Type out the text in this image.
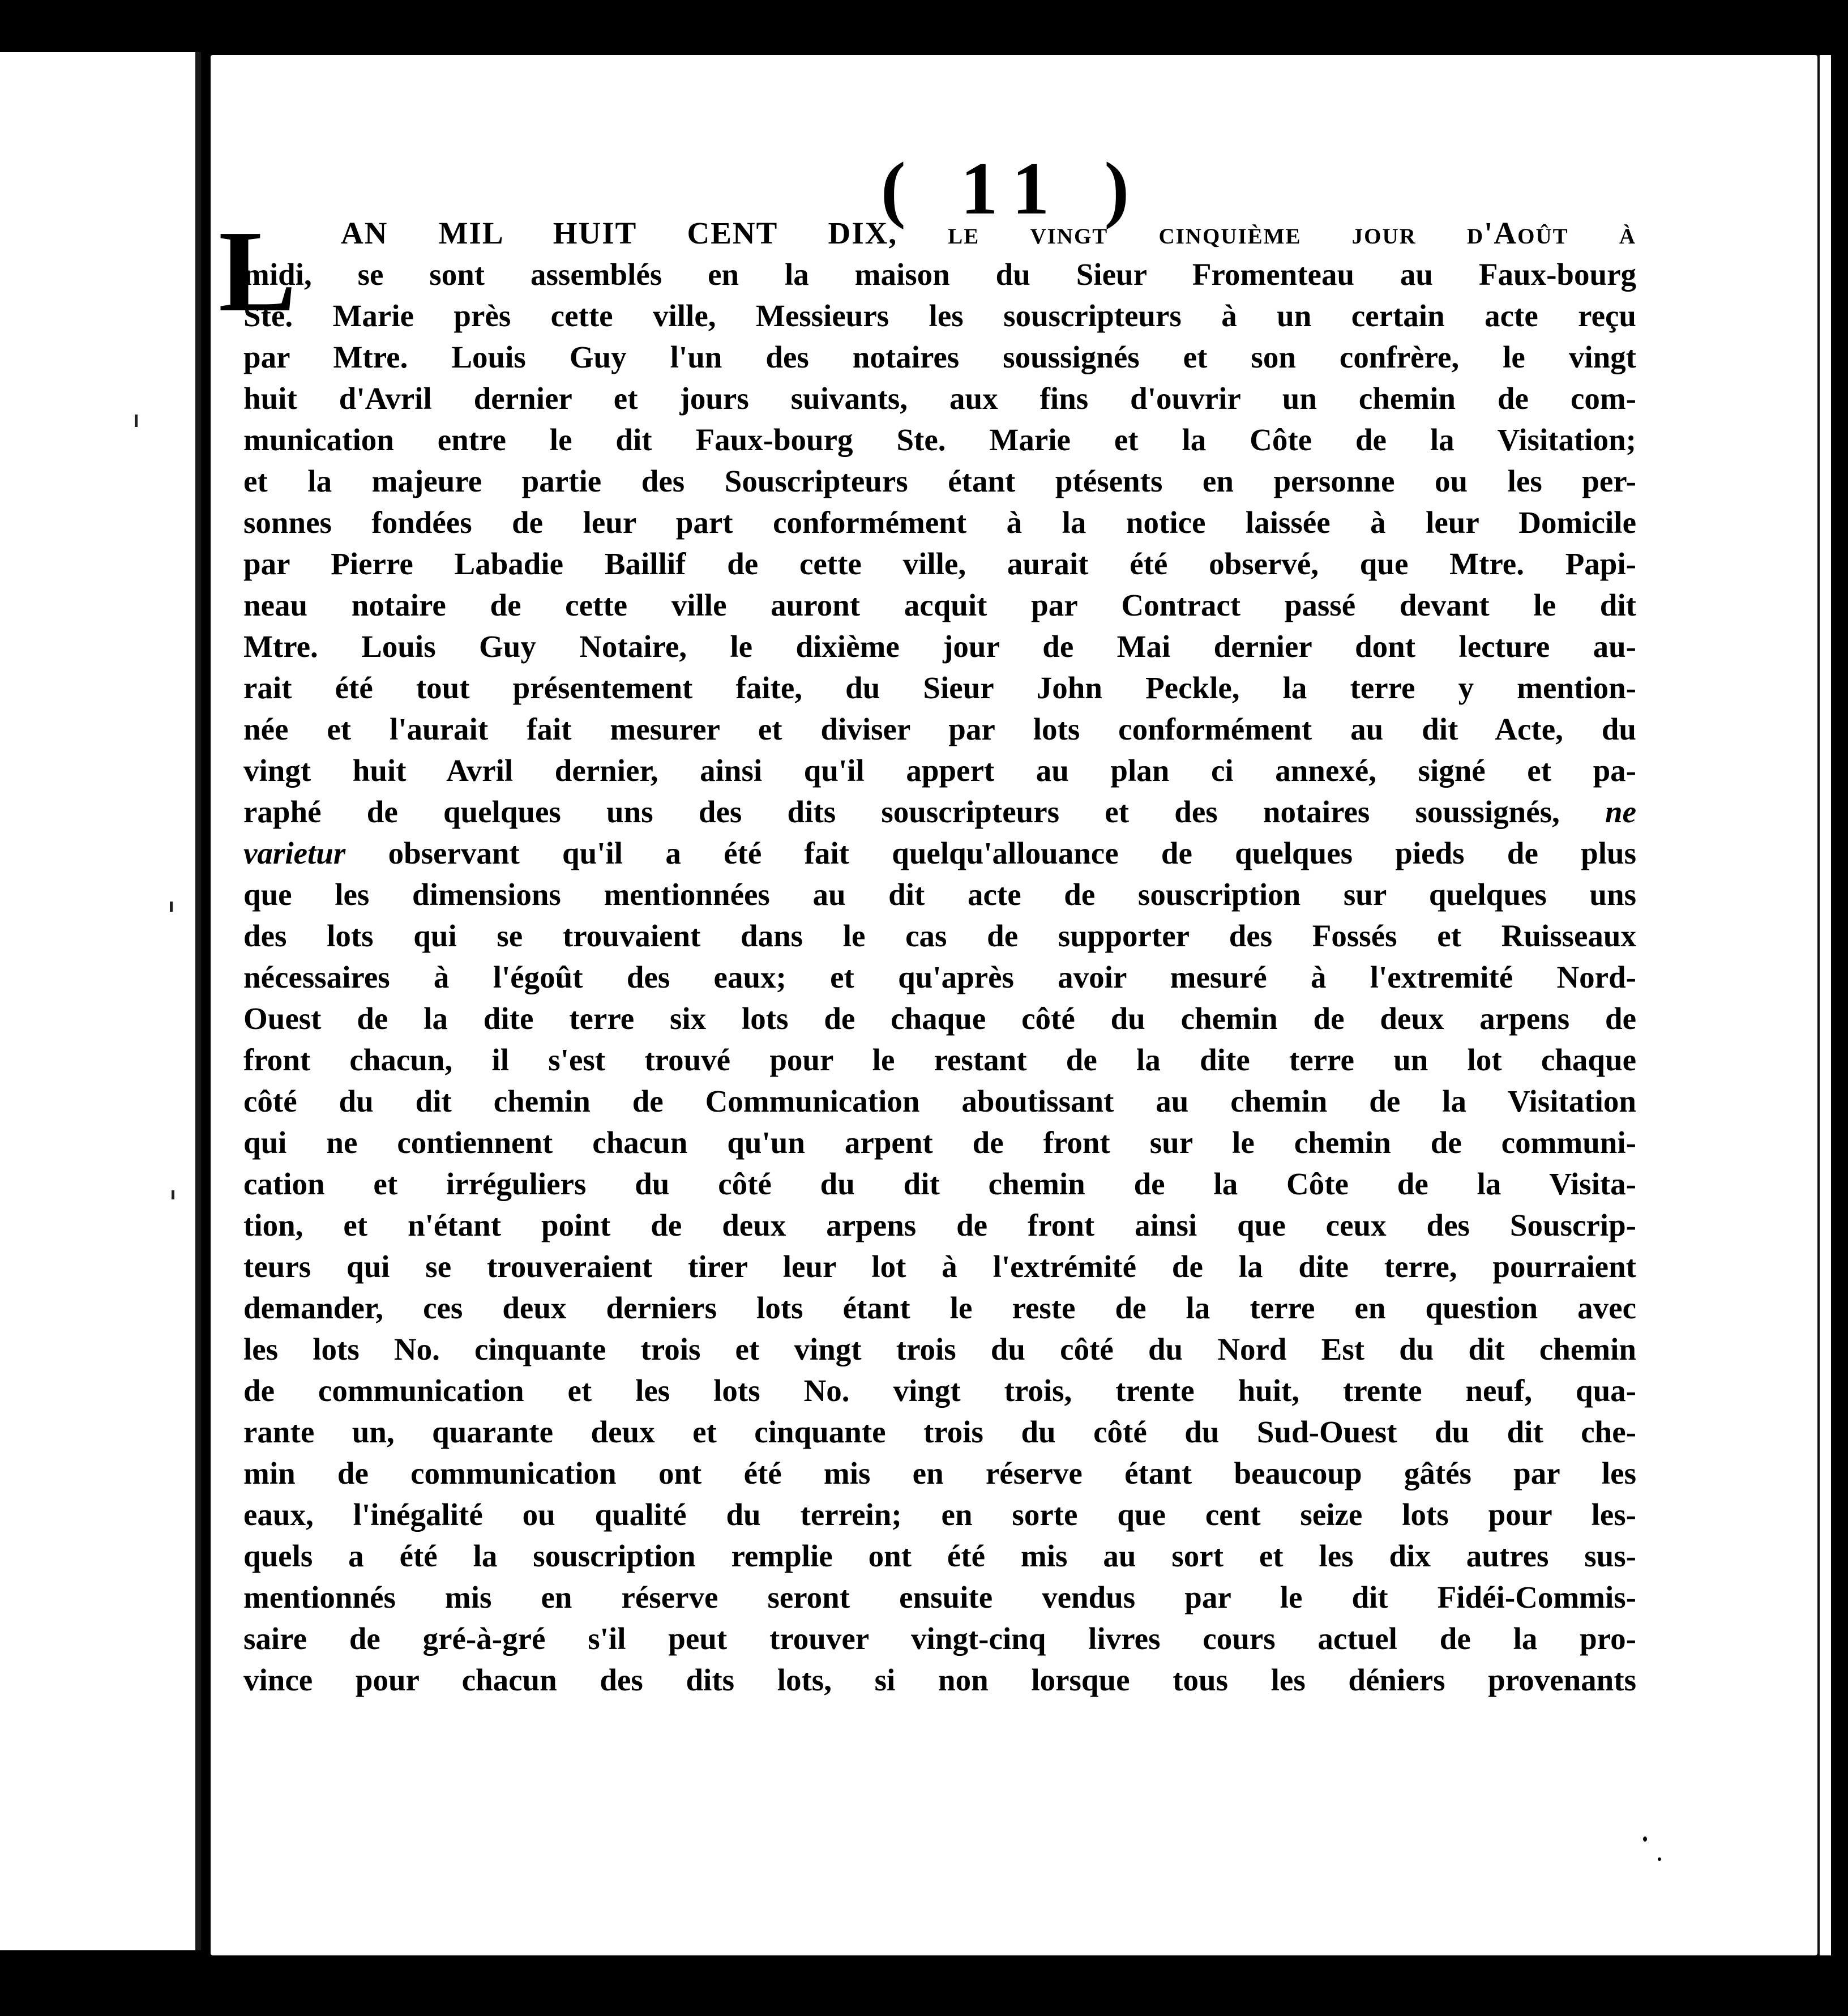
( 11 )
L	AN MIL HUIT CENT DIX, le vingt cinquième jour d'Août à
midi, se sont assemblés en la maison du Sieur Fromenteau au Faux-bourg
Ste. Marie près cette ville, Messieurs les souscripteurs à un certain acte reçu
par Mtre. Louis Guy l'un des notaires soussignés et son confrère, le vingt
huit d'Avril dernier et jours suivants, aux fins d'ouvrir un chemin de com-
munication entre le dit Faux-bourg Ste. Marie et la Côte de la Visitation;
et la majeure partie des Souscripteurs étant ptésents en personne ou les per-
sonnes fondées de leur part conformément à la notice laissée à leur Domicile
par Pierre Labadie Baillif de cette ville, aurait été observé, que Mtre. Papi-
neau notaire de cette ville auront acquit par Contract passé devant le dit
Mtre. Louis Guy Notaire, le dixième jour de Mai dernier dont lecture au-
rait été tout présentement faite, du Sieur John Peckle, la terre y mention-
née et l'aurait fait mesurer et diviser par lots conformément au dit Acte, du
vingt huit Avril dernier, ainsi qu'il appert au plan ci annexé, signé et pa-
raphé de quelques uns des dits souscripteurs et des notaires soussignés, ne
varietur observant qu'il a été fait quelqu'allouance de quelques pieds de plus
que les dimensions mentionnées au dit acte de souscription sur quelques uns
des lots qui se trouvaient dans le cas de supporter des Fossés et Ruisseaux
nécessaires à l'égoût des eaux; et qu'après avoir mesuré à l'extremité Nord-
Ouest de la dite terre six lots de chaque côté du chemin de deux arpens de
front chacun, il s'est trouvé pour le restant de la dite terre un lot chaque
côté du dit chemin de Communication aboutissant au chemin de la Visitation
qui ne contiennent chacun qu'un arpent de front sur le chemin de communi-
cation et irréguliers du côté du dit chemin de la Côte de la Visita-
tion, et n'étant point de deux arpens de front ainsi que ceux des Souscrip-
teurs qui se trouveraient tirer leur lot à l'extrémité de la dite terre, pourraient
demander, ces deux derniers lots étant le reste de la terre en question avec
les lots No. cinquante trois et vingt trois du côté du Nord Est du dit chemin
de communication et les lots No. vingt trois, trente huit, trente neuf, qua-
rante un, quarante deux et cinquante trois du côté du Sud-Ouest du dit che-
min de communication ont été mis en réserve étant beaucoup gâtés par les
eaux, l'inégalité ou qualité du terrein; en sorte que cent seize lots pour les-
quels a été la souscription remplie ont été mis au sort et les dix autres sus-
mentionnés mis en réserve seront ensuite vendus par le dit Fidéi-Commis-
saire de gré-à-gré s'il peut trouver vingt-cinq livres cours actuel de la pro-
vince pour chacun des dits lots, si non lorsque tous les déniers provenants
